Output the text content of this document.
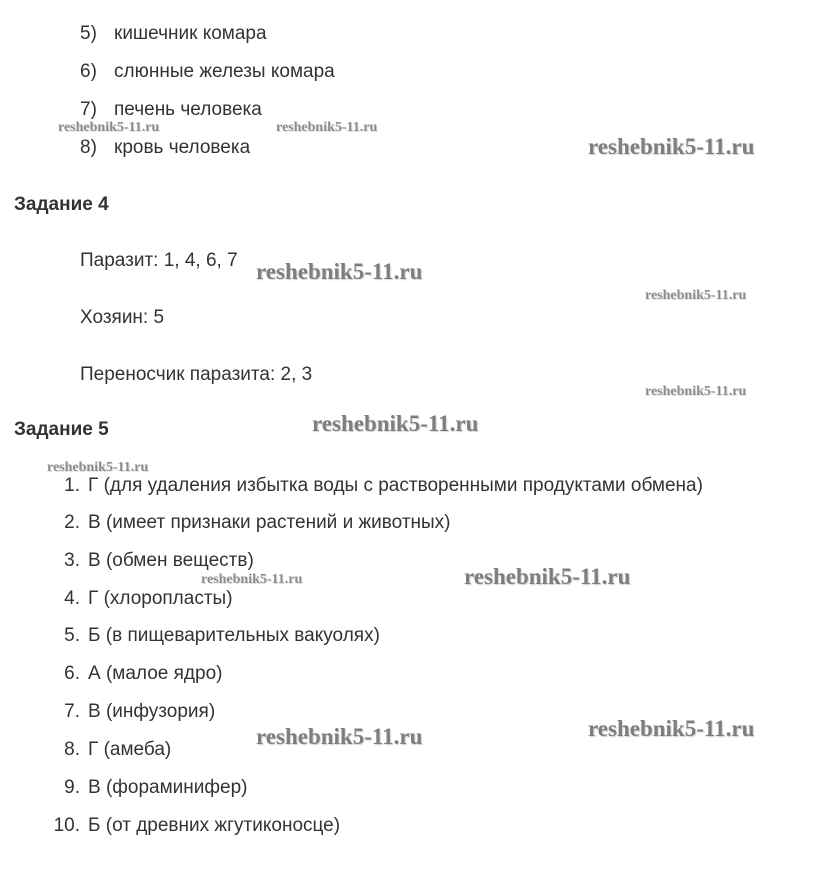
5) кишечник комара
6) слюнные железы комара
7) печень человека
8) кровь человека
Задание 4
Паразит: 1, 4, 6, 7
Хозяин: 5
Переносчик паразита: 2, 3
Задание 5
1. Г (для удаления избытка воды с растворенными продуктами обмена)
2. В (имеет признаки растений и животных)
3. В (обмен веществ)
4. Г (хлоропласты)
5. Б (в пищеварительных вакуолях)
6. А (малое ядро)
7. В (инфузория)
8. Г (амеба)
9. В (фораминифер)
10. Б (от древних жгутиконосце)
reshebnik5-11.ru	reshebnik5-11.ru
reshebnik5-11.ru
reshebnik5-11.ru
reshebnik5-11.ru
reshebnik5-11.ru
reshebnik5-11.ru
reshebnik5-11.ru
reshebnik5-11.ru	reshebnik5-11.ru
reshebnik5-11.ru
reshebnik5-11.ru
